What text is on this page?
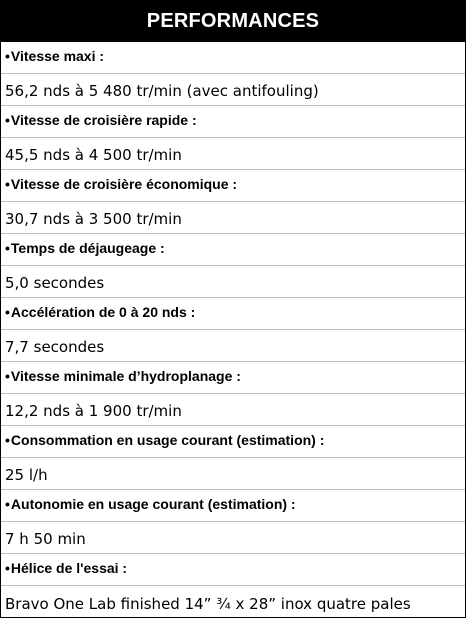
PERFORMANCES
• Vitesse maxi :
56,2 nds à 5 480 tr/min (avec antifouling)
• Vitesse de croisière rapide :
45,5 nds à 4 500 tr/min
• Vitesse de croisière économique :
30,7 nds à 3 500 tr/min
• Temps de déjaugeage :
5,0 secondes
• Accélération de 0 à 20 nds :
7,7 secondes
• Vitesse minimale d’hydroplanage :
12,2 nds à 1 900 tr/min
• Consommation en usage courant (estimation) :
25 l/h
• Autonomie en usage courant (estimation) :
7 h 50 min
• Hélice de l'essai :
Bravo One Lab finished 14” ¾ x 28” inox quatre pales
